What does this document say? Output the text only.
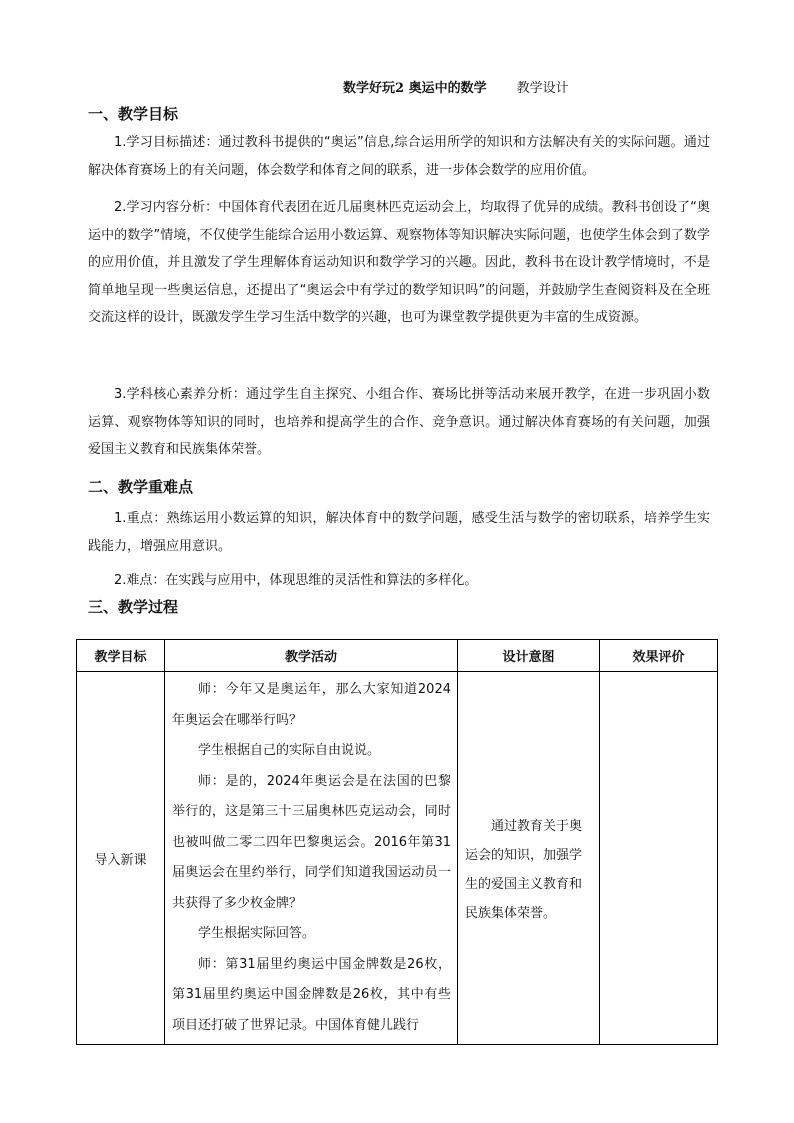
数学好玩2 奥运中的数学 教学设计
一、教学目标

1.学习目标描述：通过教科书提供的“奥运”信息,综合运用所学的知识和方法解决有关的实际问题。通过解决体育赛场上的有关问题，体会数学和体育之间的联系，进一步体会数学的应用价值。

2.学习内容分析：中国体育代表团在近几届奥林匹克运动会上，均取得了优异的成绩。教科书创设了“奥运中的数学”情境，不仅使学生能综合运用小数运算、观察物体等知识解决实际问题，也使学生体会到了数学的应用价值，并且激发了学生理解体育运动知识和数学学习的兴趣。因此，教科书在设计教学情境时，不是简单地呈现一些奥运信息，还提出了“奥运会中有学过的数学知识吗”的问题，并鼓励学生查阅资料及在全班交流这样的设计，既激发学生学习生活中数学的兴趣，也可为课堂教学提供更为丰富的生成资源。

3.学科核心素养分析：通过学生自主探究、小组合作、赛场比拼等活动来展开教学，在进一步巩固小数运算、观察物体等知识的同时，也培养和提高学生的合作、竞争意识。通过解决体育赛场的有关问题，加强爱国主义教育和民族集体荣誉。

二、教学重难点

1.重点：熟练运用小数运算的知识，解决体育中的数学问题，感受生活与数学的密切联系，培养学生实践能力，增强应用意识。

2.难点：在实践与应用中，体现思维的灵活性和算法的多样化。

三、教学过程
教学目标	教学活动	设计意图	效果评价
导入新课	师：今年又是奥运年，那么大家知道2024年奥运会在哪举行吗？

学生根据自己的实际自由说说。

师：是的，2024年奥运会是在法国的巴黎举行的，这是第三十三届奥林匹克运动会，同时也被叫做二零二四年巴黎奥运会。2016年第31届奥运会在里约举行，同学们知道我国运动员一共获得了多少枚金牌？

学生根据实际回答。

师：第31届里约奥运中国金牌数是26枚，第31届里约奥运中国金牌数是26枚，其中有些项目还打破了世界记录。中国体育健儿践行	通过教育关于奥运会的知识，加强学生的爱国主义教育和民族集体荣誉。	
